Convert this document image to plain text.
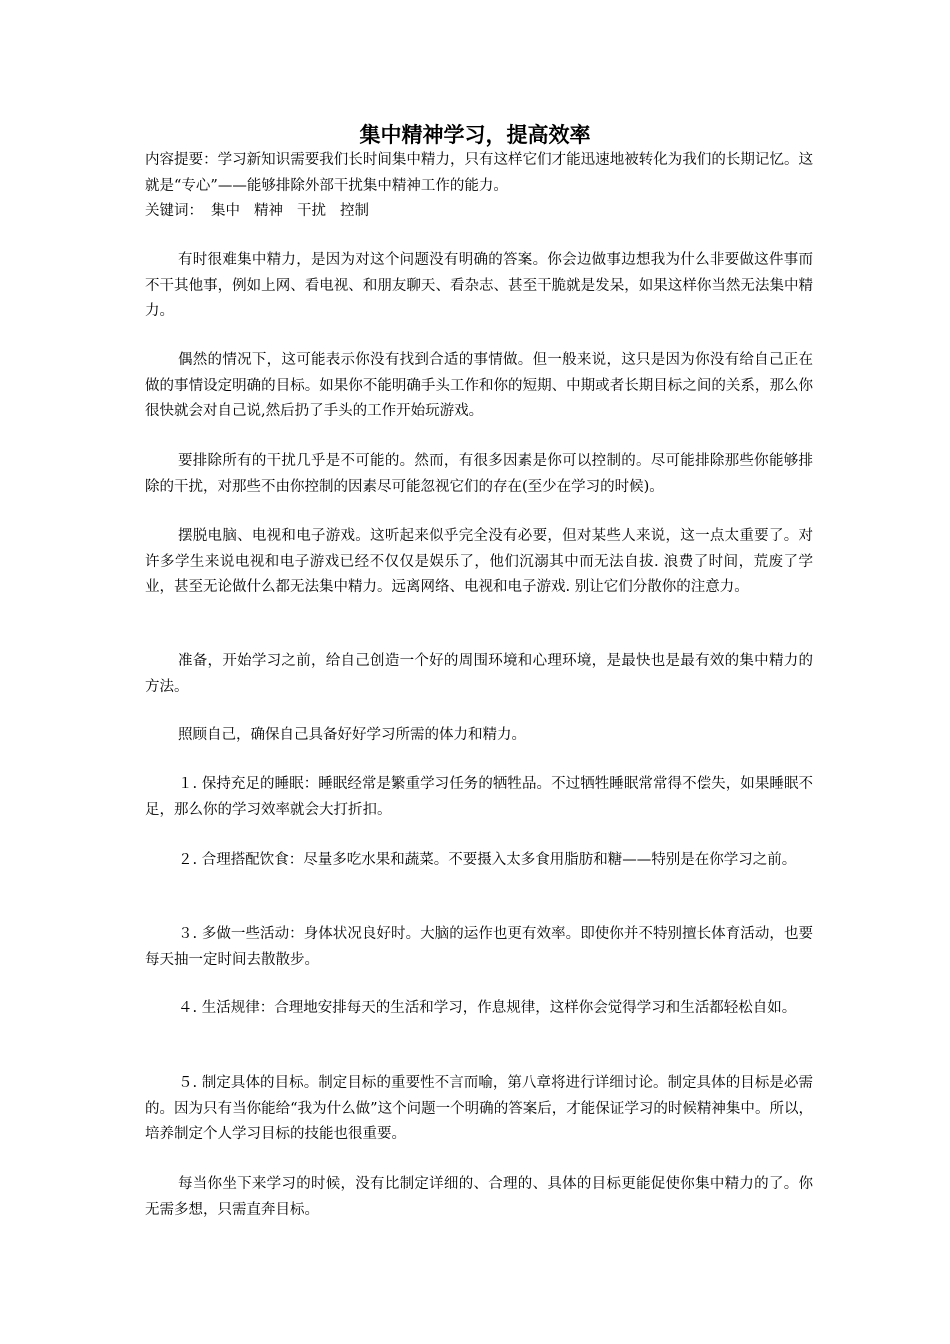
集中精神学习，提高效率
内容提要：学习新知识需要我们长时间集中精力，只有这样它们才能迅速地被转化为我们的长期记忆。这就是“专心”——能够排除外部干扰集中精神工作的能力。
关键词： 集中 精神 干扰 控制
有时很难集中精力，是因为对这个问题没有明确的答案。你会边做事边想我为什么非要做这件事而不干其他事，例如上网、看电视、和朋友聊天、看杂志、甚至干脆就是发呆，如果这样你当然无法集中精力。
偶然的情况下，这可能表示你没有找到合适的事情做。但一般来说，这只是因为你没有给自己正在做的事情设定明确的目标。如果你不能明确手头工作和你的短期、中期或者长期目标之间的关系，那么你很快就会对自己说,然后扔了手头的工作开始玩游戏。
要排除所有的干扰几乎是不可能的。然而，有很多因素是你可以控制的。尽可能排除那些你能够排除的干扰，对那些不由你控制的因素尽可能忽视它们的存在(至少在学习的时候)。
摆脱电脑、电视和电子游戏。这听起来似乎完全没有必要，但对某些人来说，这一点太重要了。对许多学生来说电视和电子游戏已经不仅仅是娱乐了，他们沉溺其中而无法自拔. 浪费了时间，荒废了学业，甚至无论做什么都无法集中精力。远离网络、电视和电子游戏. 别让它们分散你的注意力。
准备，开始学习之前，给自己创造一个好的周围环境和心理环境，是最快也是最有效的集中精力的方法。
照顾自己，确保自己具备好好学习所需的体力和精力。
１. 保持充足的睡眠：睡眠经常是繁重学习任务的牺牲品。不过牺牲睡眠常常得不偿失，如果睡眠不足，那么你的学习效率就会大打折扣。
２. 合理搭配饮食：尽量多吃水果和蔬菜。不要摄入太多食用脂肪和糖——特别是在你学习之前。
３. 多做一些活动：身体状况良好时。大脑的运作也更有效率。即使你并不特别擅长体育活动，也要每天抽一定时间去散散步。
４. 生活规律：合理地安排每天的生活和学习，作息规律，这样你会觉得学习和生活都轻松自如。
５. 制定具体的目标。制定目标的重要性不言而喻，第八章将进行详细讨论。制定具体的目标是必需的。因为只有当你能给“我为什么做”这个问题一个明确的答案后，才能保证学习的时候精神集中。所以，培养制定个人学习目标的技能也很重要。
每当你坐下来学习的时候，没有比制定详细的、合理的、具体的目标更能促使你集中精力的了。你无需多想，只需直奔目标。
